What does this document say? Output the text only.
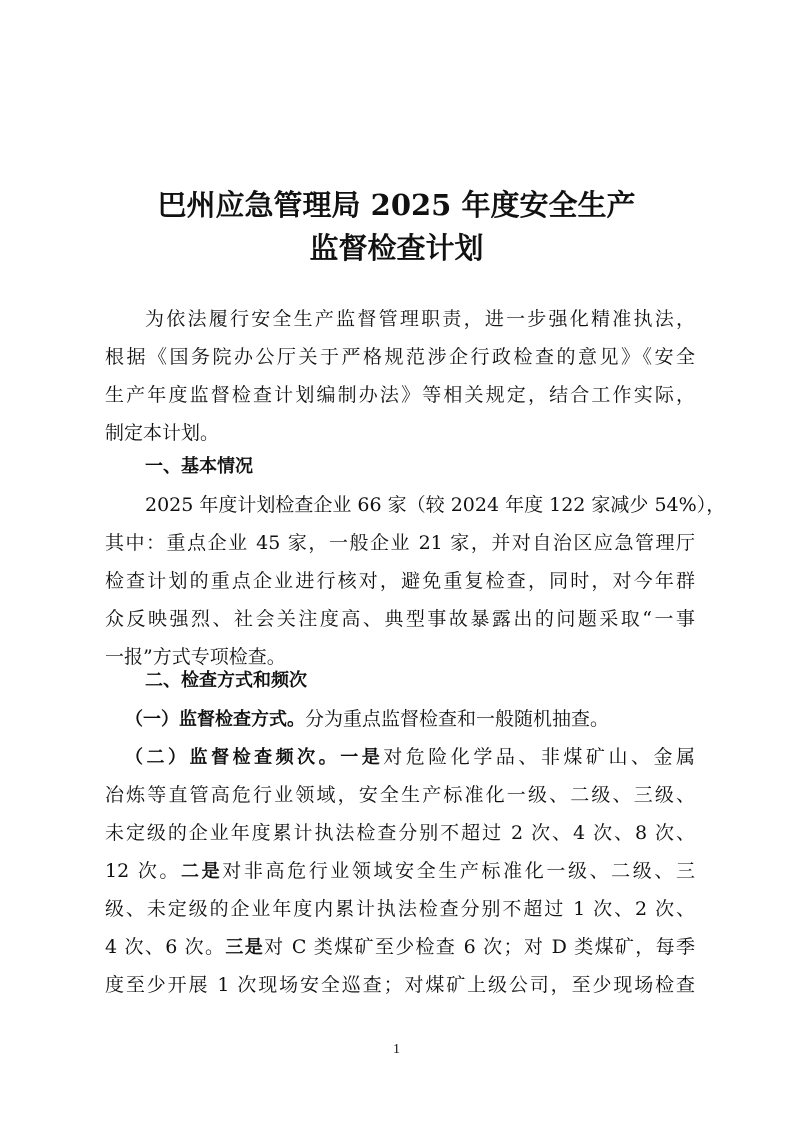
巴州应急管理局 2025 年度安全生产
监督检查计划
为依法履行安全生产监督管理职责，进一步强化精准执法，
根据《国务院办公厅关于严格规范涉企行政检查的意见》《安全
生产年度监督检查计划编制办法》等相关规定，结合工作实际，
制定本计划。
一、基本情况
2025 年度计划检查企业 66 家（较 2024 年度 122 家减少 54%），
其中：重点企业 45 家，一般企业 21 家，并对自治区应急管理厅
检查计划的重点企业进行核对，避免重复检查，同时，对今年群
众反映强烈、社会关注度高、典型事故暴露出的问题采取“一事
一报”方式专项检查。
二、检查方式和频次
（一）监督检查方式。分为重点监督检查和一般随机抽查。
（二）监督检查频次。一是对危险化学品、非煤矿山、金属
冶炼等直管高危行业领域，安全生产标准化一级、二级、三级、
未定级的企业年度累计执法检查分别不超过 2 次、4 次、8 次、
12 次。二是对非高危行业领域安全生产标准化一级、二级、三
级、未定级的企业年度内累计执法检查分别不超过 1 次、2 次、
4 次、6 次。三是对 C 类煤矿至少检查 6 次；对 D 类煤矿，每季
度至少开展 1 次现场安全巡查；对煤矿上级公司，至少现场检查
1
